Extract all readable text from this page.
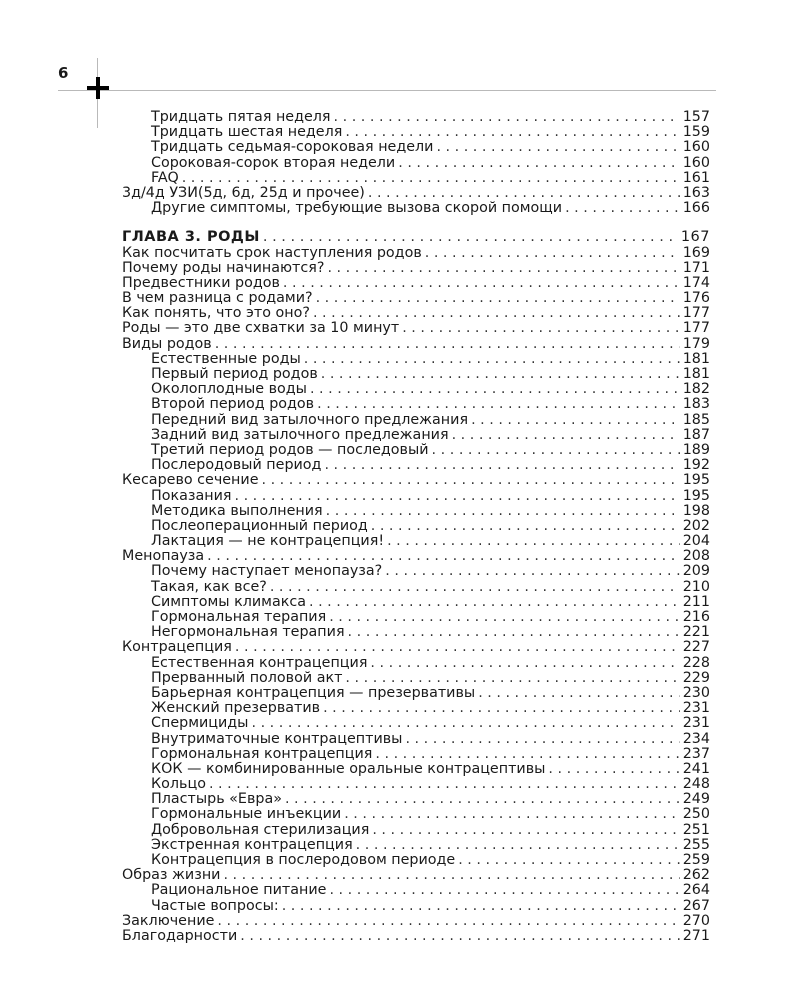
6
Тридцать пятая неделя . . .	157
Тридцать шестая неделя . . .	159
Тридцать седьмая-сороковая недели . . .	160
Сороковая-сорок вторая недели . . .	160
FAQ . . .	161
3д/4д УЗИ(5д, 6д, 25д и прочее) . . .	163
Другие симптомы, требующие вызова скорой помощи . . .	166
ГЛАВА 3. РОДЫ . . .	167
Как посчитать срок наступления родов . . .	169
Почему роды начинаются? . . .	171
Предвестники родов . . .	174
В чем разница с родами? . . .	176
Как понять, что это оно? . . .	177
Роды — это две схватки за 10 минут . . .	177
Виды родов . . .	179
Естественные роды . . .	181
Первый период родов . . .	181
Околоплодные воды . . .	182
Второй период родов . . .	183
Передний вид затылочного предлежания . . .	185
Задний вид затылочного предлежания . . .	187
Третий период родов — последовый . . .	189
Послеродовый период . . .	192
Кесарево сечение . . .	195
Показания . . .	195
Методика выполнения . . .	198
Послеоперационный период . . .	202
Лактация — не контрацепция! . . .	204
Менопауза . . .	208
Почему наступает менопауза? . . .	209
Такая, как все? . . .	210
Симптомы климакса . . .	211
Гормональная терапия . . .	216
Негормональная терапия . . .	221
Контрацепция . . .	227
Естественная контрацепция . . .	228
Прерванный половой акт . . .	229
Барьерная контрацепция — презервативы . . .	230
Женский презерватив . . .	231
Спермициды . . .	231
Внутриматочные контрацептивы . . .	234
Гормональная контрацепция . . .	237
КОК — комбинированные оральные контрацептивы . . .	241
Кольцо . . .	248
Пластырь «Евра» . . .	249
Гормональные инъекции . . .	250
Добровольная стерилизация . . .	251
Экстренная контрацепция . . .	255
Контрацепция в послеродовом периоде . . .	259
Образ жизни . . .	262
Рациональное питание . . .	264
Частые вопросы: . . .	267
Заключение . . .	270
Благодарности . . .	271
